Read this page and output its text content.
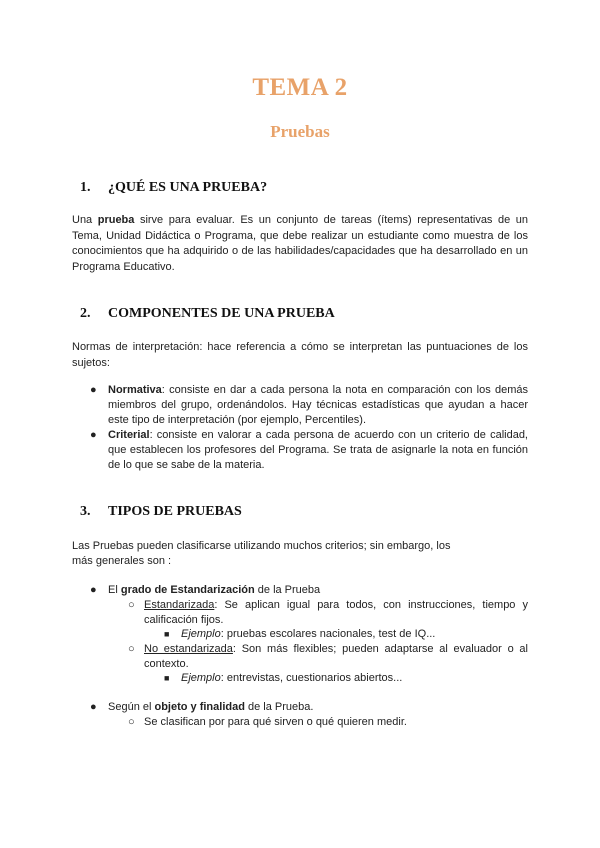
TEMA 2
Pruebas
1. ¿QUÉ ES UNA PRUEBA?
Una prueba sirve para evaluar. Es un conjunto de tareas (ítems) representativas de un Tema, Unidad Didáctica o Programa, que debe realizar un estudiante como muestra de los conocimientos que ha adquirido o de las habilidades/capacidades que ha desarrollado en un Programa Educativo.
2. COMPONENTES DE UNA PRUEBA
Normas de interpretación: hace referencia a cómo se interpretan las puntuaciones de los sujetos:
● Normativa: consiste en dar a cada persona la nota en comparación con los demás miembros del grupo, ordenándolos. Hay técnicas estadísticas que ayudan a hacer este tipo de interpretación (por ejemplo, Percentiles).
● Criterial: consiste en valorar a cada persona de acuerdo con un criterio de calidad, que establecen los profesores del Programa. Se trata de asignarle la nota en función de lo que se sabe de la materia.
3. TIPOS DE PRUEBAS
Las Pruebas pueden clasificarse utilizando muchos criterios; sin embargo, los
más generales son :
● El grado de Estandarización de la Prueba
○ Estandarizada: Se aplican igual para todos, con instrucciones, tiempo y calificación fijos.
■ Ejemplo: pruebas escolares nacionales, test de IQ...
○ No estandarizada: Son más flexibles; pueden adaptarse al evaluador o al contexto.
■ Ejemplo: entrevistas, cuestionarios abiertos...
● Según el objeto y finalidad de la Prueba.
○ Se clasifican por para qué sirven o qué quieren medir.
